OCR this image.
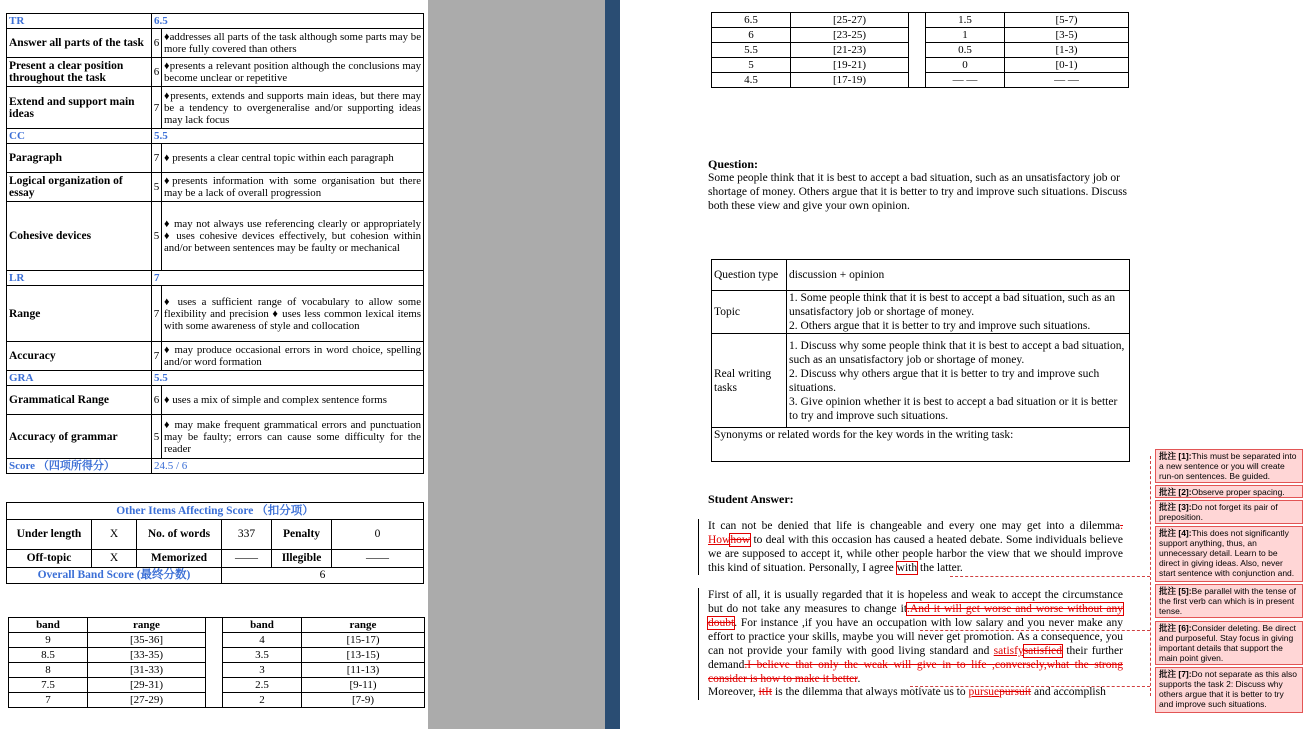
TR	6.5	
Answer all parts of the task	6	♦addresses all parts of the task although some parts may be more fully covered than others
Present a clear position throughout the task	6	♦presents a relevant position although the conclusions may become unclear or repetitive
Extend and support main ideas	7	♦presents, extends and supports main ideas, but there may be a tendency to overgeneralise and/or supporting ideas may lack focus
CC	5.5	
Paragraph	7	♦ presents a clear central topic within each paragraph
Logical organization of essay	5	♦presents information with some organisation but there may be a lack of overall progression
Cohesive devices	5	♦ may not always use referencing clearly or appropriately ♦ uses cohesive devices effectively, but cohesion within and/or between sentences may be faulty or mechanical
LR	7	
Range	7	♦ uses a sufficient range of vocabulary to allow some flexibility and precision ♦ uses less common lexical items with some awareness of style and collocation
Accuracy	7	♦ may produce occasional errors in word choice, spelling and/or word formation
GRA	5.5	
Grammatical Range	6	♦ uses a mix of simple and complex sentence forms
Accuracy of grammar	5	♦ may make frequent grammatical errors and punctuation may be faulty; errors can cause some difficulty for the reader
Score （四项所得分）	24.5 / 6	
Other Items Affecting Score （扣分项）					
Under length	X	No. of words	337	Penalty	0
Off-topic	X	Memorized	——	Illegible	——
Overall Band Score (最终分数)			6		
band	range		band	range
9	[35-36]		4	[15-17)
8.5	[33-35)		3.5	[13-15)
8	[31-33)		3	[11-13)
7.5	[29-31)		2.5	[9-11)
7	[27-29)		2	[7-9)
6.5	[25-27)		1.5	[5-7)
6	[23-25)		1	[3-5)
5.5	[21-23)		0.5	[1-3)
5	[19-21)		0	[0-1)
4.5	[17-19)		— —	— —
Question:
Some people think that it is best to accept a bad situation, such as an unsatisfactory job or shortage of money. Others argue that it is better to try and improve such situations. Discuss both these view and give your own opinion.
Question type	discussion + opinion
Topic	1. Some people think that it is best to accept a bad situation, such as an unsatisfactory job or shortage of money.
2. Others argue that it is better to try and improve such situations.

Real writing tasks	1. Discuss why some people think that it is best to accept a bad situation, such as an unsatisfactory job or shortage of money.
2. Discuss why others argue that it is better to try and improve such situations.
3. Give opinion whether it is best to accept a bad situation or it is better to try and improve such situations.

Synonyms or related words for the key words in the writing task:	
Student Answer:
It can not be denied that life is changeable and every one may get into a dilemma. Howhow to deal with this occasion has caused a heated debate. Some individuals believe we are supposed to accept it, while other people harbor the view that we should improve this kind of situation. Personally, I agree with the latter.
First of all, it is usually regarded that it is hopeless and weak to accept the circumstance but do not take any measures to change it.And it will get worse and worse without any doubt. For instance ,if you have an occupation with low salary and you never make any effort to practice your skills, maybe you will never get promotion. As a consequence, you can not provide your family with good living standard and satisfysatisfied their further demand.I believe that only the weak will give in to life ,conversely,what the strong consider is how to make it better.
Moreover, itIt is the dilemma that always motivate us to pursuepursuit and accomplish
批注 [1]:This must be separated into a new sentence or you will create run-on sentences. Be guided.
批注 [2]:Observe proper spacing.
批注 [3]:Do not forget its pair of preposition.
批注 [4]:This does not significantly support anything, thus, an unnecessary detail. Learn to be direct in giving ideas. Also, never start sentence with conjunction and.
批注 [5]:Be parallel with the tense of the first verb can which is in present tense.
批注 [6]:Consider deleting. Be direct and purposeful. Stay focus in giving important details that support the main point given.
批注 [7]:Do not separate as this also supports the task 2: Discuss why others argue that it is better to try and improve such situations.
